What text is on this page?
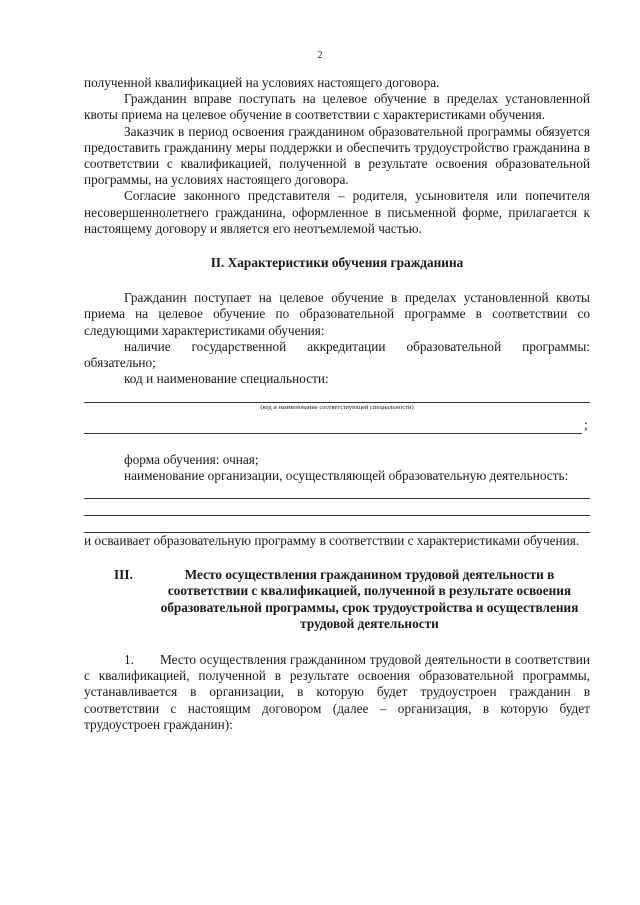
2

полученной квалификацией на условиях настоящего договора.

Гражданин вправе поступать на целевое обучение в пределах установленной квоты приема на целевое обучение в соответствии с характеристиками обучения.

Заказчик в период освоения гражданином образовательной программы обязуется предоставить гражданину меры поддержки и обеспечить трудоустройство гражданина в соответствии с квалификацией, полученной в результате освоения образовательной программы, на условиях настоящего договора.

Согласие законного представителя – родителя, усыновителя или попечителя несовершеннолетнего гражданина, оформленное в письменной форме, прилагается к настоящему договору и является его неотъемлемой частью.

II. Характеристики обучения гражданина

Гражданин поступает на целевое обучение в пределах установленной квоты приема на целевое обучение по образовательной программе в соответствии со следующими характеристиками обучения:

наличие государственной аккредитации образовательной программы: обязательно;

код и наименование специальности:

(код и наименование соответствующей специальности)
;

форма обучения: очная;

наименование организации, осуществляющей образовательную деятельность:

и осваивает образовательную программу в соответствии с характеристиками обучения.

III.	Место осуществления гражданином трудовой деятельности в соответствии с квалификацией, полученной в результате освоения образовательной программы, срок трудоустройства и осуществления трудовой деятельности

1. Место осуществления гражданином трудовой деятельности в соответствии с квалификацией, полученной в результате освоения образовательной программы, устанавливается в организации, в которую будет трудоустроен гражданин в соответствии с настоящим договором (далее – организация, в которую будет трудоустроен гражданин):
